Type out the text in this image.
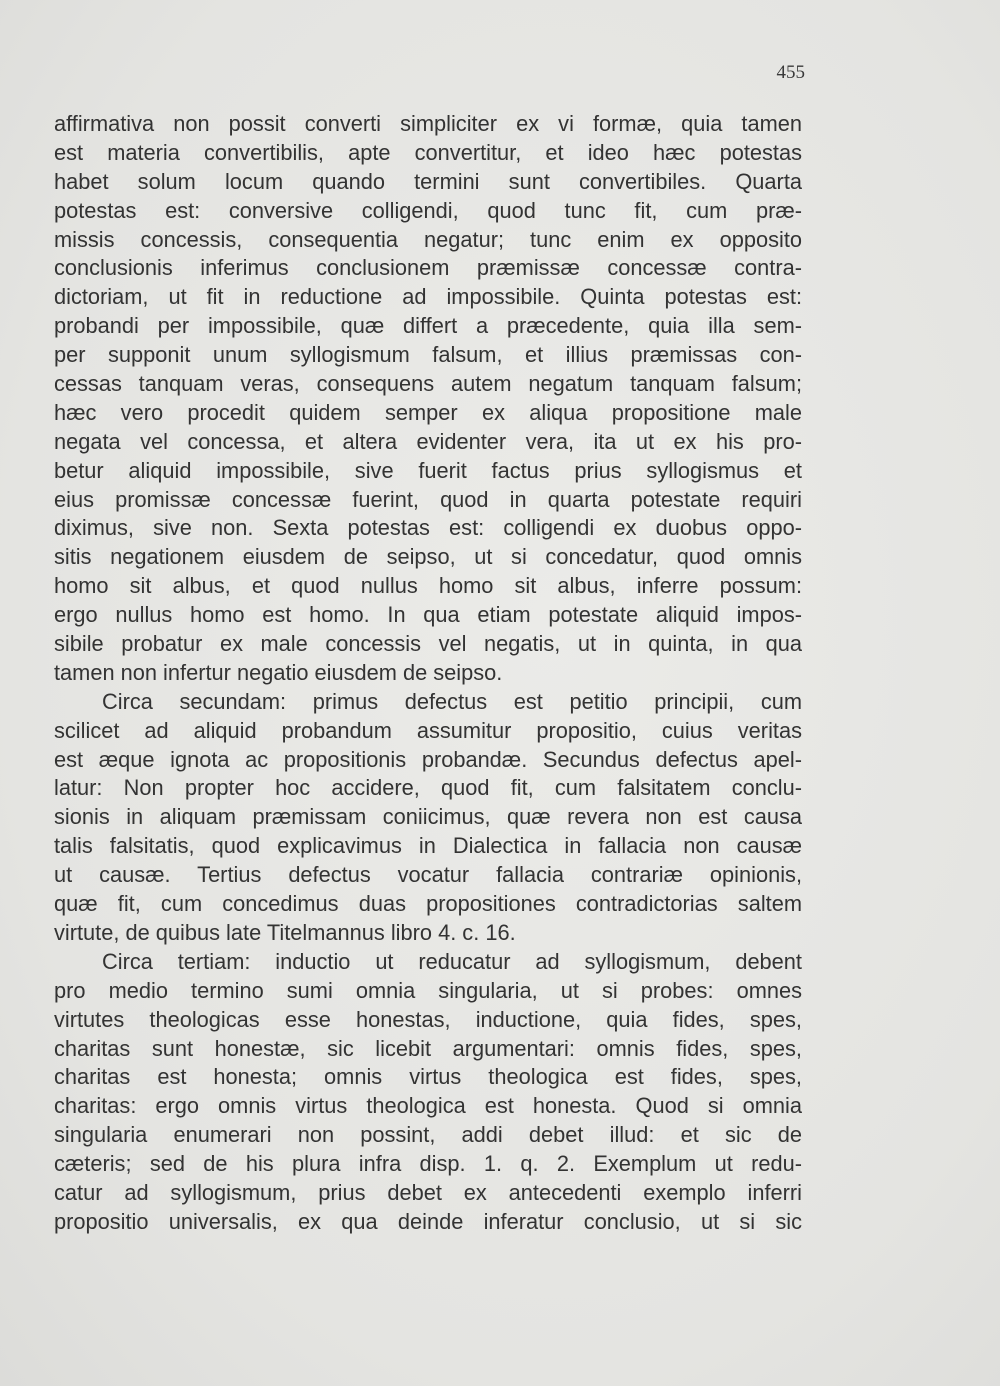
455
affirmativa non possit converti simpliciter ex vi formæ, quia tamen
est materia convertibilis, apte convertitur, et ideo hæc potestas
habet solum locum quando termini sunt convertibiles. Quarta
potestas est: conversive colligendi, quod tunc fit, cum præ-
missis concessis, consequentia negatur; tunc enim ex opposito
conclusionis inferimus conclusionem præmissæ concessæ contra-
dictoriam, ut fit in reductione ad impossibile. Quinta potestas est:
probandi per impossibile, quæ differt a præcedente, quia illa sem-
per supponit unum syllogismum falsum, et illius præmissas con-
cessas tanquam veras, consequens autem negatum tanquam falsum;
hæc vero procedit quidem semper ex aliqua propositione male
negata vel concessa, et altera evidenter vera, ita ut ex his pro-
betur aliquid impossibile, sive fuerit factus prius syllogismus et
eius promissæ concessæ fuerint, quod in quarta potestate requiri
diximus, sive non. Sexta potestas est: colligendi ex duobus oppo-
sitis negationem eiusdem de seipso, ut si concedatur, quod omnis
homo sit albus, et quod nullus homo sit albus, inferre possum:
ergo nullus homo est homo. In qua etiam potestate aliquid impos-
sibile probatur ex male concessis vel negatis, ut in quinta, in qua
tamen non infertur negatio eiusdem de seipso.
Circa secundam: primus defectus est petitio principii, cum
scilicet ad aliquid probandum assumitur propositio, cuius veritas
est æque ignota ac propositionis probandæ. Secundus defectus apel-
latur: Non propter hoc accidere, quod fit, cum falsitatem conclu-
sionis in aliquam præmissam coniicimus, quæ revera non est causa
talis falsitatis, quod explicavimus in Dialectica in fallacia non causæ
ut causæ. Tertius defectus vocatur fallacia contrariæ opinionis,
quæ fit, cum concedimus duas propositiones contradictorias saltem
virtute, de quibus late Titelmannus libro 4. c. 16.
Circa tertiam: inductio ut reducatur ad syllogismum, debent
pro medio termino sumi omnia singularia, ut si probes: omnes
virtutes theologicas esse honestas, inductione, quia fides, spes,
charitas sunt honestæ, sic licebit argumentari: omnis fides, spes,
charitas est honesta; omnis virtus theologica est fides, spes,
charitas: ergo omnis virtus theologica est honesta. Quod si omnia
singularia enumerari non possint, addi debet illud: et sic de
cæteris; sed de his plura infra disp. 1. q. 2. Exemplum ut redu-
catur ad syllogismum, prius debet ex antecedenti exemplo inferri
propositio universalis, ex qua deinde inferatur conclusio, ut si sic
